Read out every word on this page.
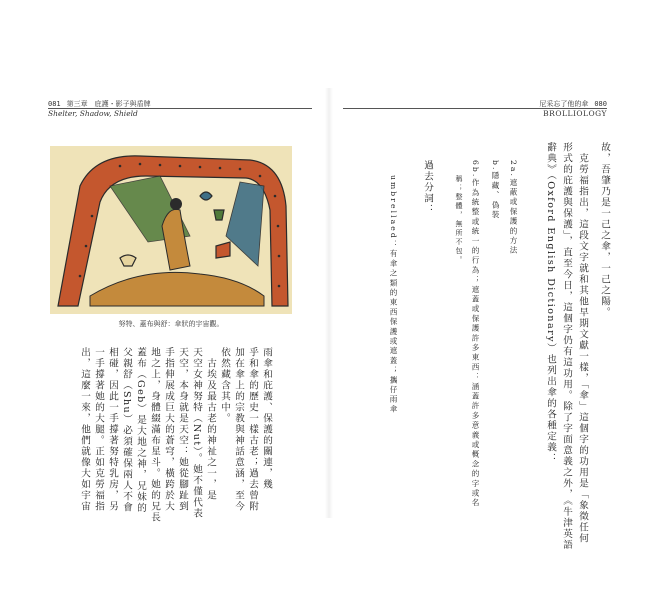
081 第三章　庇護・影子與盾牌
Shelter, Shadow, Shield
尼采忘了他的傘 080
BROLLIOLOGY
努特、蓋布與舒：傘狀的宇宙觀。
雨傘和庇護、保護的關連，幾
乎和傘的歷史一樣古老；過去曾附
加在傘上的宗教與神話意涵，至今
依然藏含其中。
　古埃及最古老的神祉之一，是
天空女神努特（Nut）。她不僅代表
天空，本身就是天空：她從腳趾到
手指伸展成巨大的蒼穹，橫跨於大
地之上，身體綴滿布星斗。她的兄長
蓋布（Geb）是大地之神，兄妹的
父親舒（Shu）必須確保兩人不會
相碰，因此一手撐著努特乳房，另
一手撐著她的大腿。正如克勞福指
出，這麼一來，他們就像大如宇宙
故，吾肇乃是一己之傘，一己之陽。
　克勞福指出，這段文字就和其他早期文獻一樣，「傘」這個字的功用是「象徵任何
形式的庇護與保護」，直至今日，這個字仍有這功用。除了字面意義之外，《牛津英語
辭典》（Oxford English Dictionary）也列出傘的各種定義：
2a.遮蔽或保護的方法
b.隱藏、偽裝
6b.作為統整或統一的行為；遮蓋或保護許多東西：涵蓋許多意義或概念的字或名
稱；整體，無所不包。
過去分詞：
umbrellaed：有傘之類的東西保護或遮蓋；攜仔雨傘
